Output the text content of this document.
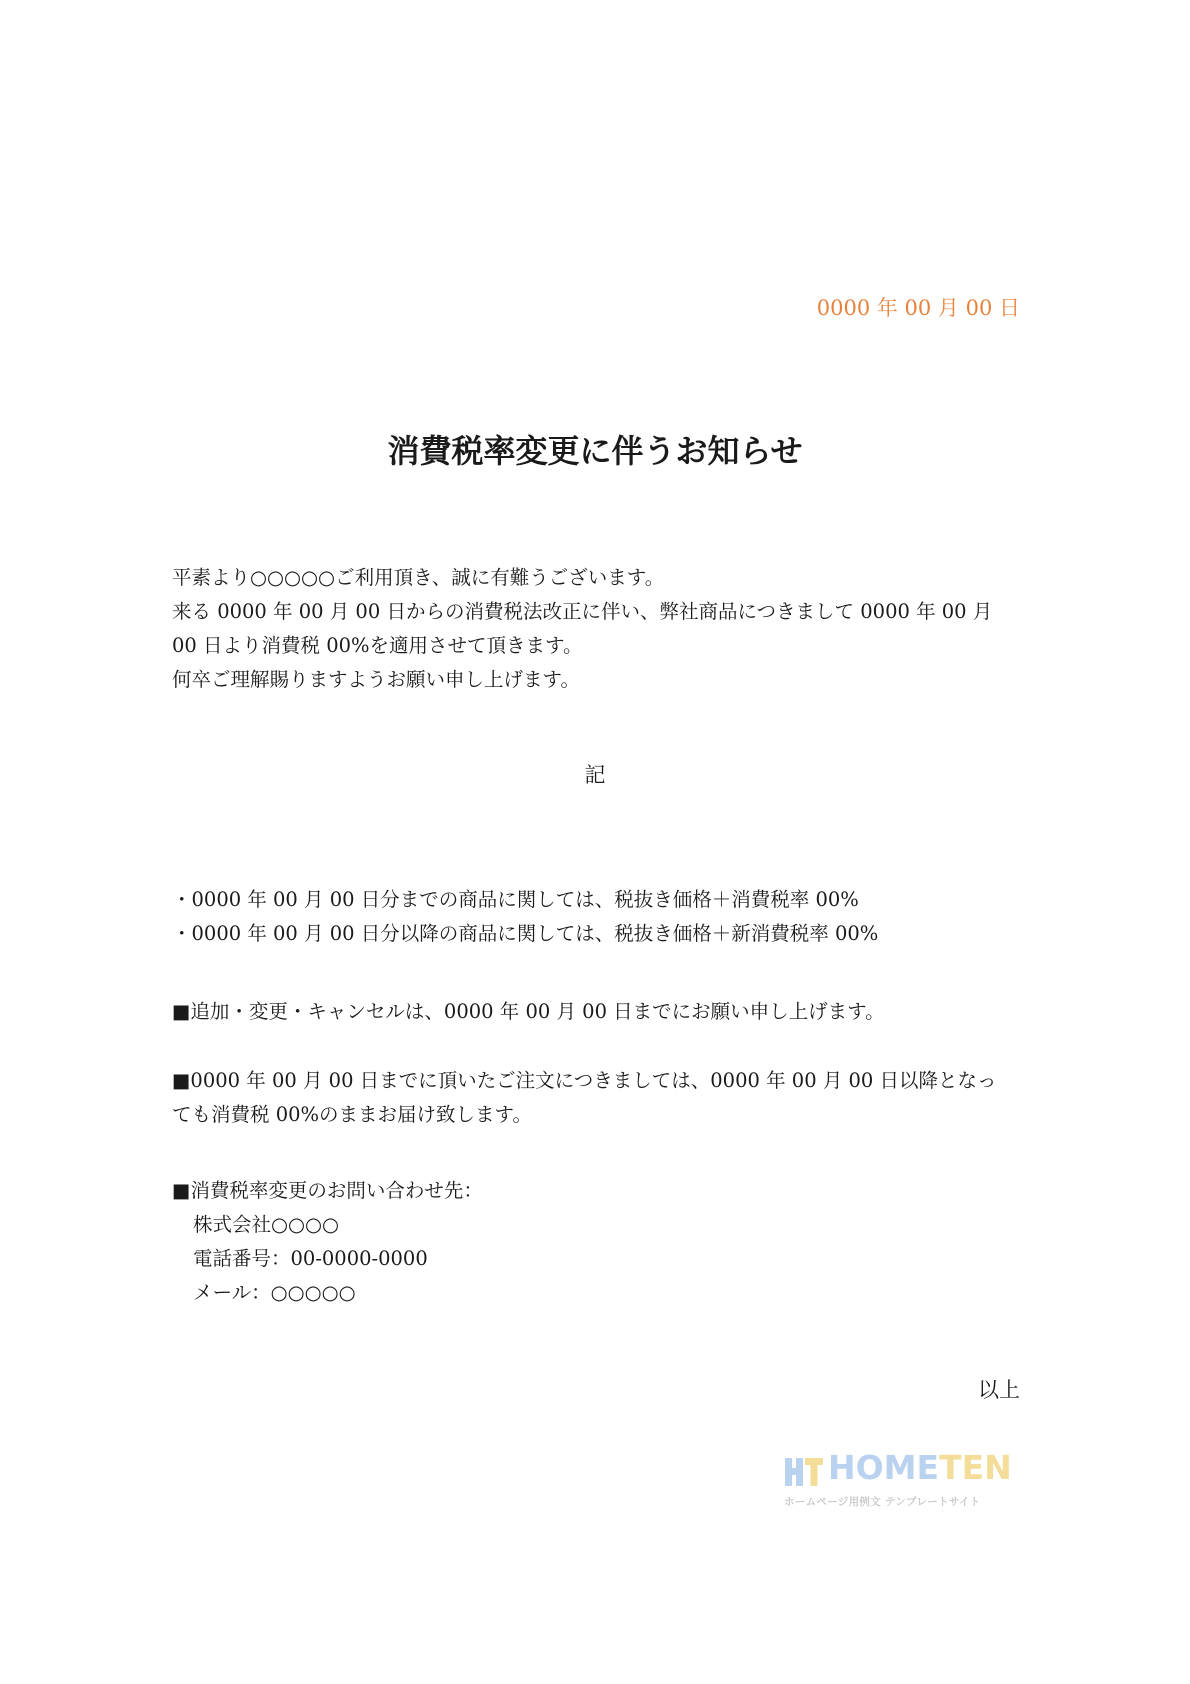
0000 年 00 月 00 日
消費税率変更に伴うお知らせ
平素より○○○○○ご利用頂き、誠に有難うございます。
来る 0000 年 00 月 00 日からの消費税法改正に伴い、弊社商品につきまして 0000 年 00 月
00 日より消費税 00%を適用させて頂きます。
何卒ご理解賜りますようお願い申し上げます。
記
・0000 年 00 月 00 日分までの商品に関しては、税抜き価格＋消費税率 00%
・0000 年 00 月 00 日分以降の商品に関しては、税抜き価格＋新消費税率 00%
■追加・変更・キャンセルは、0000 年 00 月 00 日までにお願い申し上げます。
■0000 年 00 月 00 日までに頂いたご注文につきましては、0000 年 00 月 00 日以降となっ
ても消費税 00%のままお届け致します。
■消費税率変更のお問い合わせ先：
株式会社○○○○
電話番号：00-0000-0000
メール：○○○○○
以上
HOMETEN
ホームページ用例文 テンプレートサイト
